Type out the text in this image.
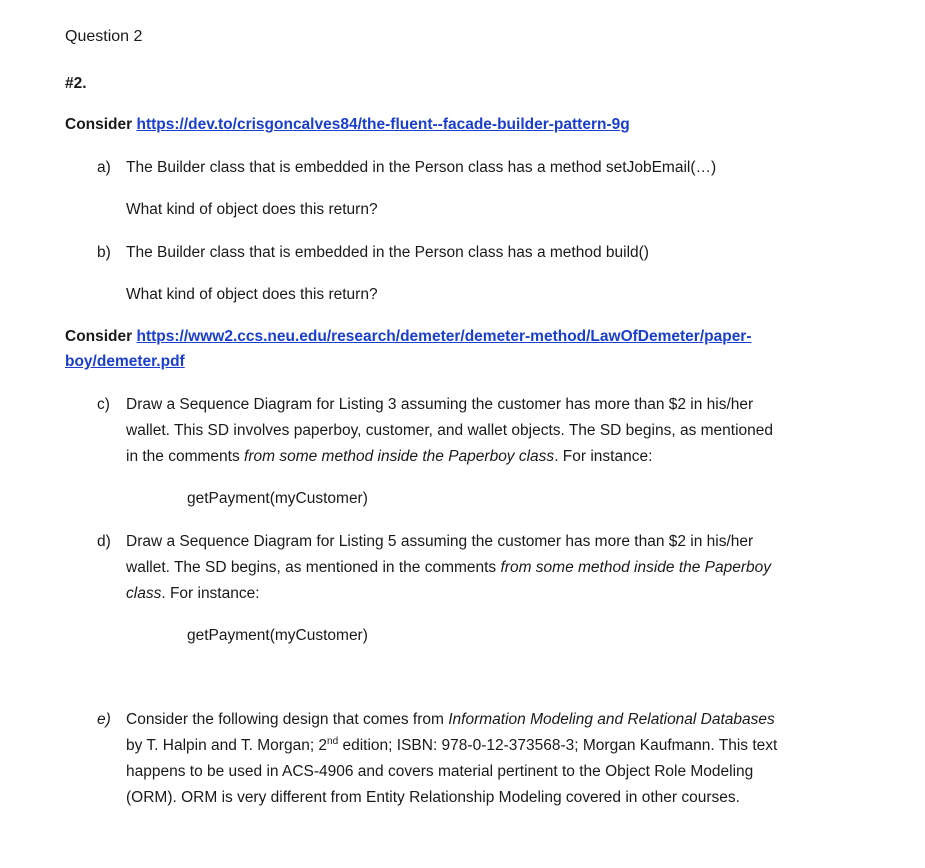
Question 2
#2.
Consider https://dev.to/crisgoncalves84/the-fluent--facade-builder-pattern-9g
a) The Builder class that is embedded in the Person class has a method setJobEmail(…)
What kind of object does this return?
b) The Builder class that is embedded in the Person class has a method build()
What kind of object does this return?
Consider https://www2.ccs.neu.edu/research/demeter/demeter-method/LawOfDemeter/paper-
boy/demeter.pdf
c) Draw a Sequence Diagram for Listing 3 assuming the customer has more than $2 in his/her
wallet. This SD involves paperboy, customer, and wallet objects. The SD begins, as mentioned
in the comments from some method inside the Paperboy class. For instance:
getPayment(myCustomer)
d) Draw a Sequence Diagram for Listing 5 assuming the customer has more than $2 in his/her
wallet. The SD begins, as mentioned in the comments from some method inside the Paperboy
class. For instance:
getPayment(myCustomer)
e) Consider the following design that comes from Information Modeling and Relational Databases
by T. Halpin and T. Morgan; 2nd edition; ISBN: 978-0-12-373568-3; Morgan Kaufmann. This text
happens to be used in ACS-4906 and covers material pertinent to the Object Role Modeling
(ORM). ORM is very different from Entity Relationship Modeling covered in other courses.
